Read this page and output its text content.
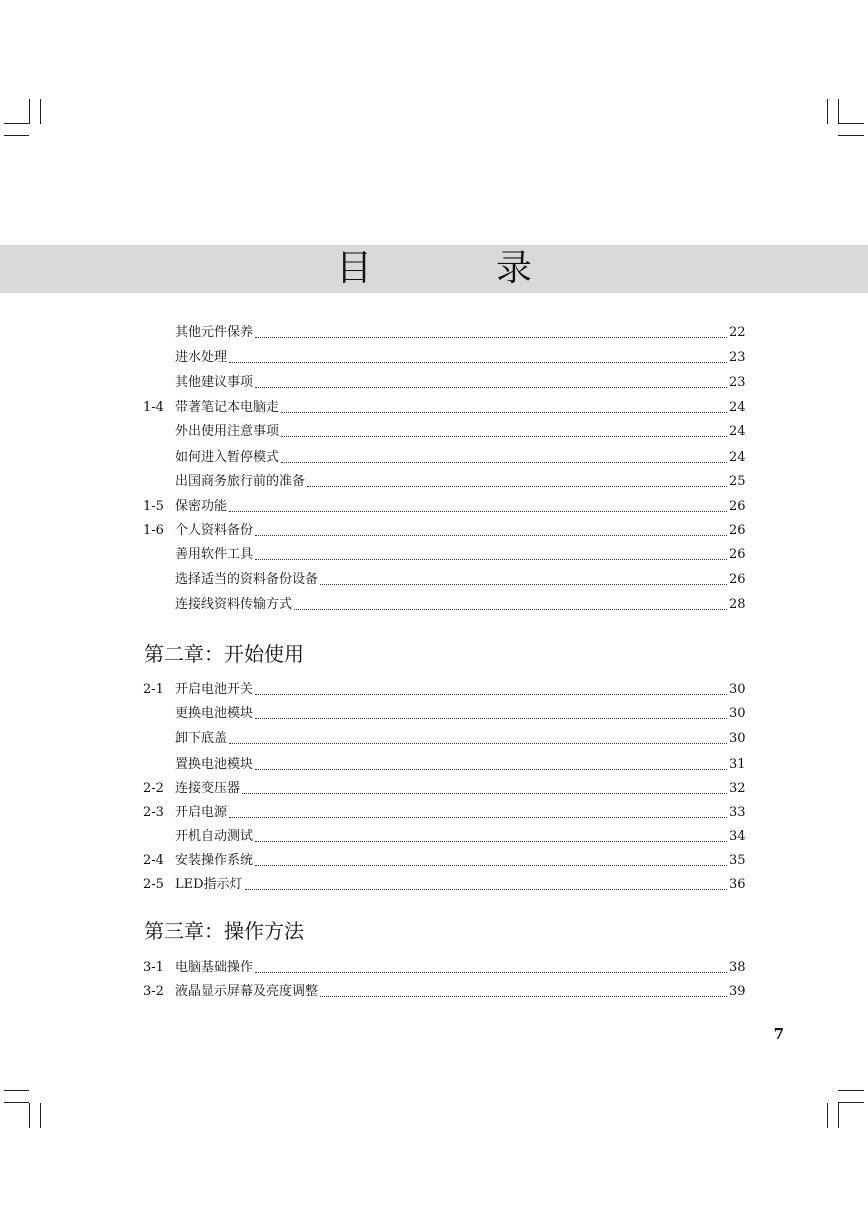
目　录
其他元件保养	22
进水处理	23
其他建议事项	23
1-4 带著笔记本电脑走	24
外出使用注意事项	24
如何进入暂停模式	24
出国商务旅行前的准备	25
1-5 保密功能	26
1-6 个人资料备份	26
善用软件工具	26
选择适当的资料备份设备	26
连接线资料传输方式	28
第二章：开始使用
2-1 开启电池开关	30
更换电池模块	30
卸下底盖	30
置换电池模块	31
2-2 连接变压器	32
2-3 开启电源	33
开机自动测试	34
2-4 安装操作系统	35
2-5 LED指示灯	36
第三章：操作方法
3-1 电脑基础操作	38
3-2 液晶显示屏幕及亮度调整	39
7
